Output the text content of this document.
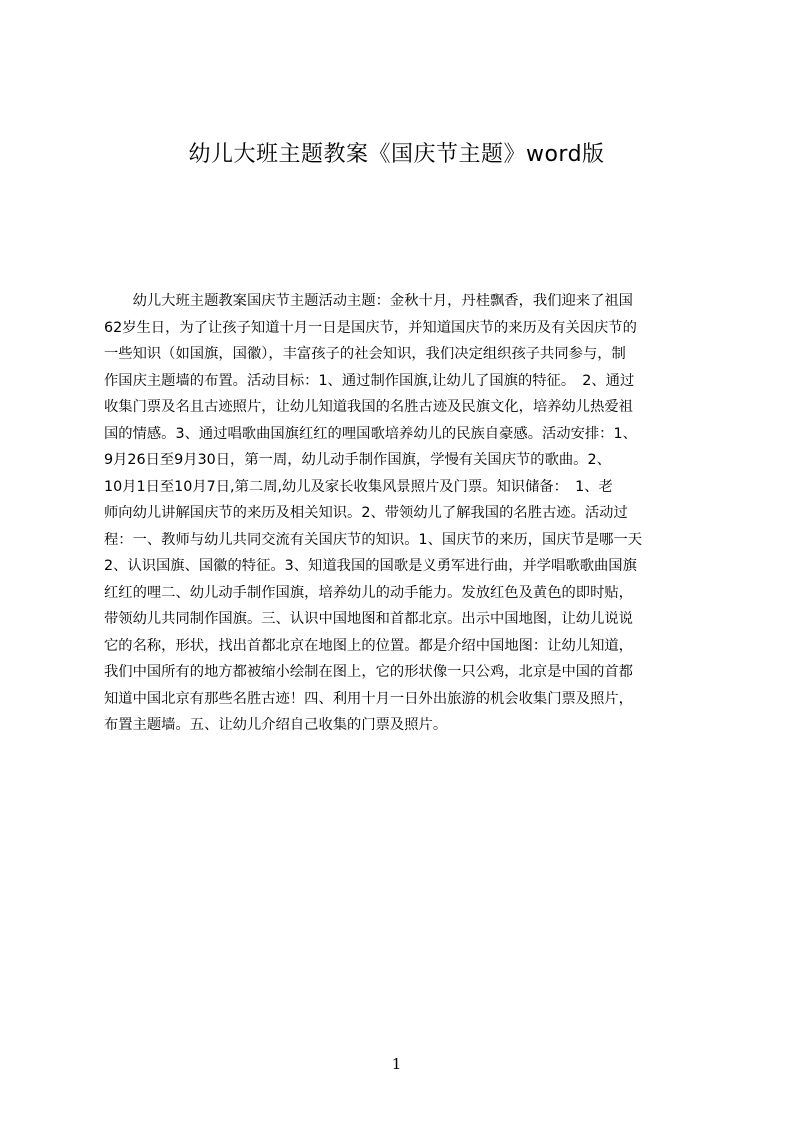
幼儿大班主题教案《国庆节主题》word版
　　幼儿大班主题教案国庆节主题活动主题：金秋十月，丹桂飘香，我们迎来了祖国
62岁生日，为了让孩子知道十月一日是国庆节，并知道国庆节的来历及有关因庆节的
一些知识（如国旗，国徽），丰富孩子的社会知识，我们决定组织孩子共同参与，制
作国庆主题墙的布置。活动目标：1、通过制作国旗,让幼儿了国旗的特征。　2、通过
收集门票及名且古迹照片，让幼儿知道我国的名胜古迹及民旗文化，培养幼儿热爱祖
国的情感。3、通过唱歌曲国旗红红的哩国歌培养幼儿的民族自豪感。活动安排：1、
9月26日至9月30日，第一周，幼儿动手制作国旗，学慢有关国庆节的歌曲。2、
10月1日至10月7日,第二周,幼儿及家长收集风景照片及门票。知识储备：　1、老
师向幼儿讲解国庆节的来历及相关知识。2、带领幼儿了解我国的名胜古迹。活动过
程：一、教师与幼儿共同交流有关国庆节的知识。1、国庆节的来历，国庆节是哪一天
2、认识国旗、国徽的特征。3、知道我国的国歌是义勇军进行曲，并学唱歌歌曲国旗
红红的哩二、幼儿动手制作国旗，培养幼儿的动手能力。发放红色及黄色的即时贴，
带领幼儿共同制作国旗。三、认识中国地图和首都北京。出示中国地图，让幼儿说说
它的名称，形状，找出首都北京在地图上的位置。都是介绍中国地图：让幼儿知道，
我们中国所有的地方都被缩小绘制在图上，它的形状像一只公鸡，北京是中国的首都
知道中国北京有那些名胜古迹！四、利用十月一日外出旅游的机会收集门票及照片，
布置主题墙。五、让幼儿介绍自己收集的门票及照片。
1
